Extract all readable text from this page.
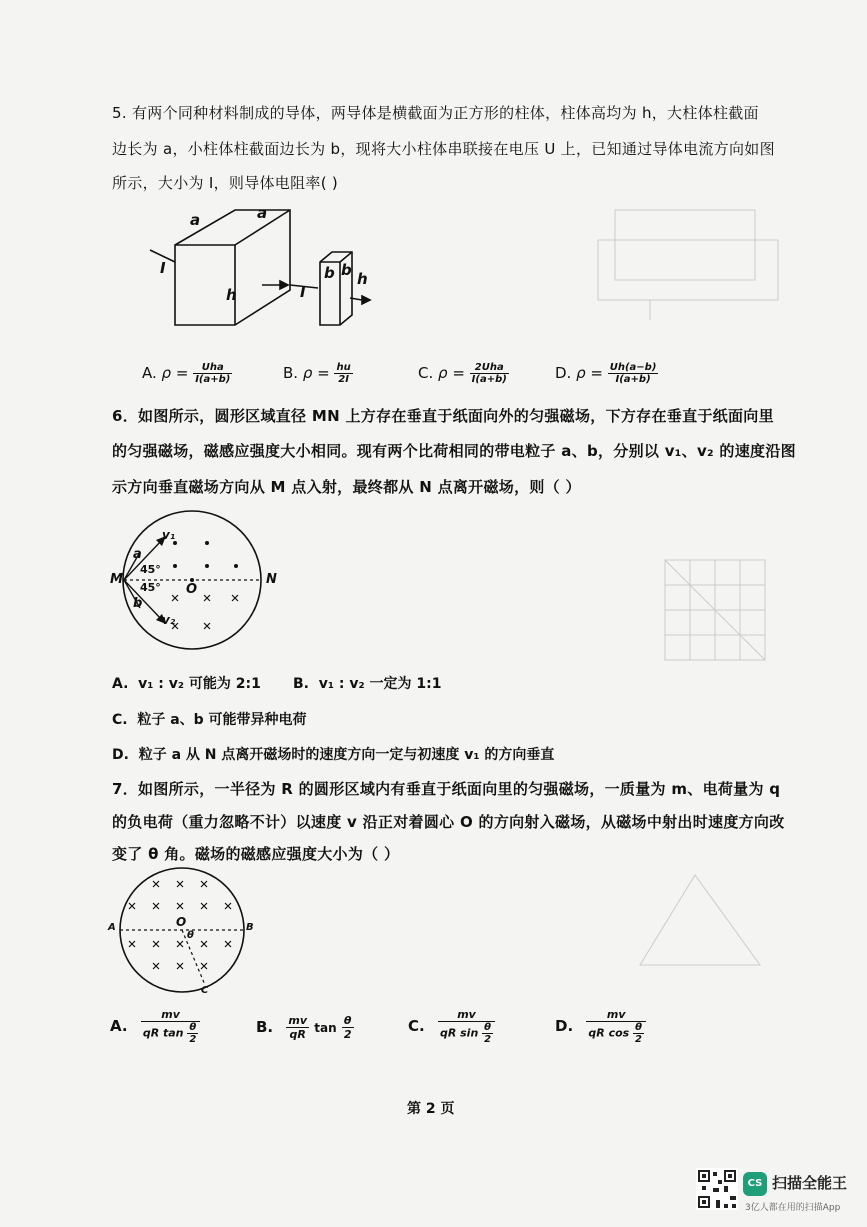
5. 有两个同种材料制成的导体，两导体是横截面为正方形的柱体，柱体高均为 h，大柱体柱截面
边长为 a，小柱体柱截面边长为 b，现将大小柱体串联接在电压 U 上，已知通过导体电流方向如图
所示，大小为 I，则导体电阻率( )
a	a
h
I
I
b b h
A. $\rho = \frac{\text{Uha}}{I(a+b)}$	B. $\rho = \frac{hu}{2I}$	C. $\rho = \frac{\text{2Uha}}{I(a+b)}$	D. $\rho = \frac{Uh(a-b)}{I(a+b)}$
6．如图所示，圆形区域直径 MN 上方存在垂直于纸面向外的匀强磁场，下方存在垂直于纸面向里
的匀强磁场，磁感应强度大小相同。现有两个比荷相同的带电粒子 a、b，分别以 v₁、v₂ 的速度沿图
示方向垂直磁场方向从 M 点入射，最终都从 N 点离开磁场，则（ ）
M	N
O
a
b
v₁
v₂
45°
45°
A. v₁ : v₂ 可能为 2:1 B. v₁ : v₂ 一定为 1:1
C. 粒子 a、b 可能带异种电荷
D. 粒子 a 从 N 点离开磁场时的速度方向一定与初速度 v₁ 的方向垂直
7．如图所示，一半径为 R 的圆形区域内有垂直于纸面向里的匀强磁场，一质量为 m、电荷量为 q
的负电荷（重力忽略不计）以速度 v 沿正对着圆心 O 的方向射入磁场，从磁场中射出时速度方向改
变了 θ 角。磁场的磁感应强度大小为（ ）
A	B
C
O
θ
A. $\frac{mv}{qR \tan \frac{\theta}{2}}$	B. $\frac{mv}{qR}$ $\tan \frac{\theta}{2}$	C. $\frac{mv}{qR \sin \frac{\theta}{2}}$	D. $\frac{mv}{qR \cos \frac{\theta}{2}}$
第 2 页
CS 扫描全能王
3亿人都在用的扫描App
